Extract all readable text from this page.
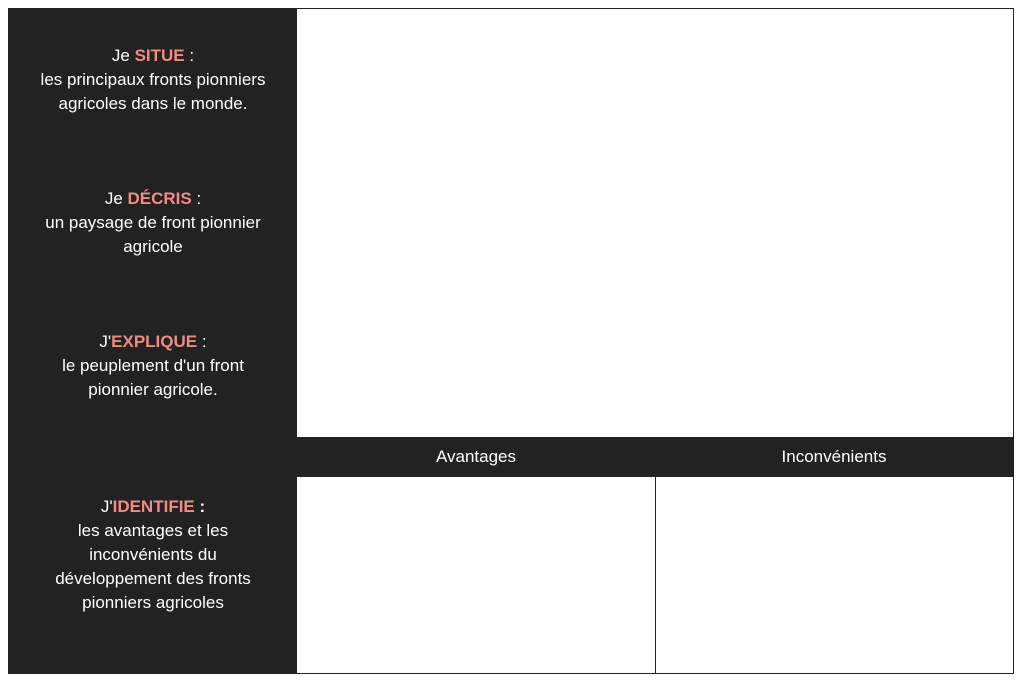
Je SITUE :
les principaux fronts pionniers
agricoles dans le monde.
Je DÉCRIS :
un paysage de front pionnier
agricole
J'EXPLIQUE :
le peuplement d'un front
pionnier agricole.
J'IDENTIFIE :
les avantages et les
inconvénients du
développement des fronts
pionniers agricoles
Avantages	Inconvénients
